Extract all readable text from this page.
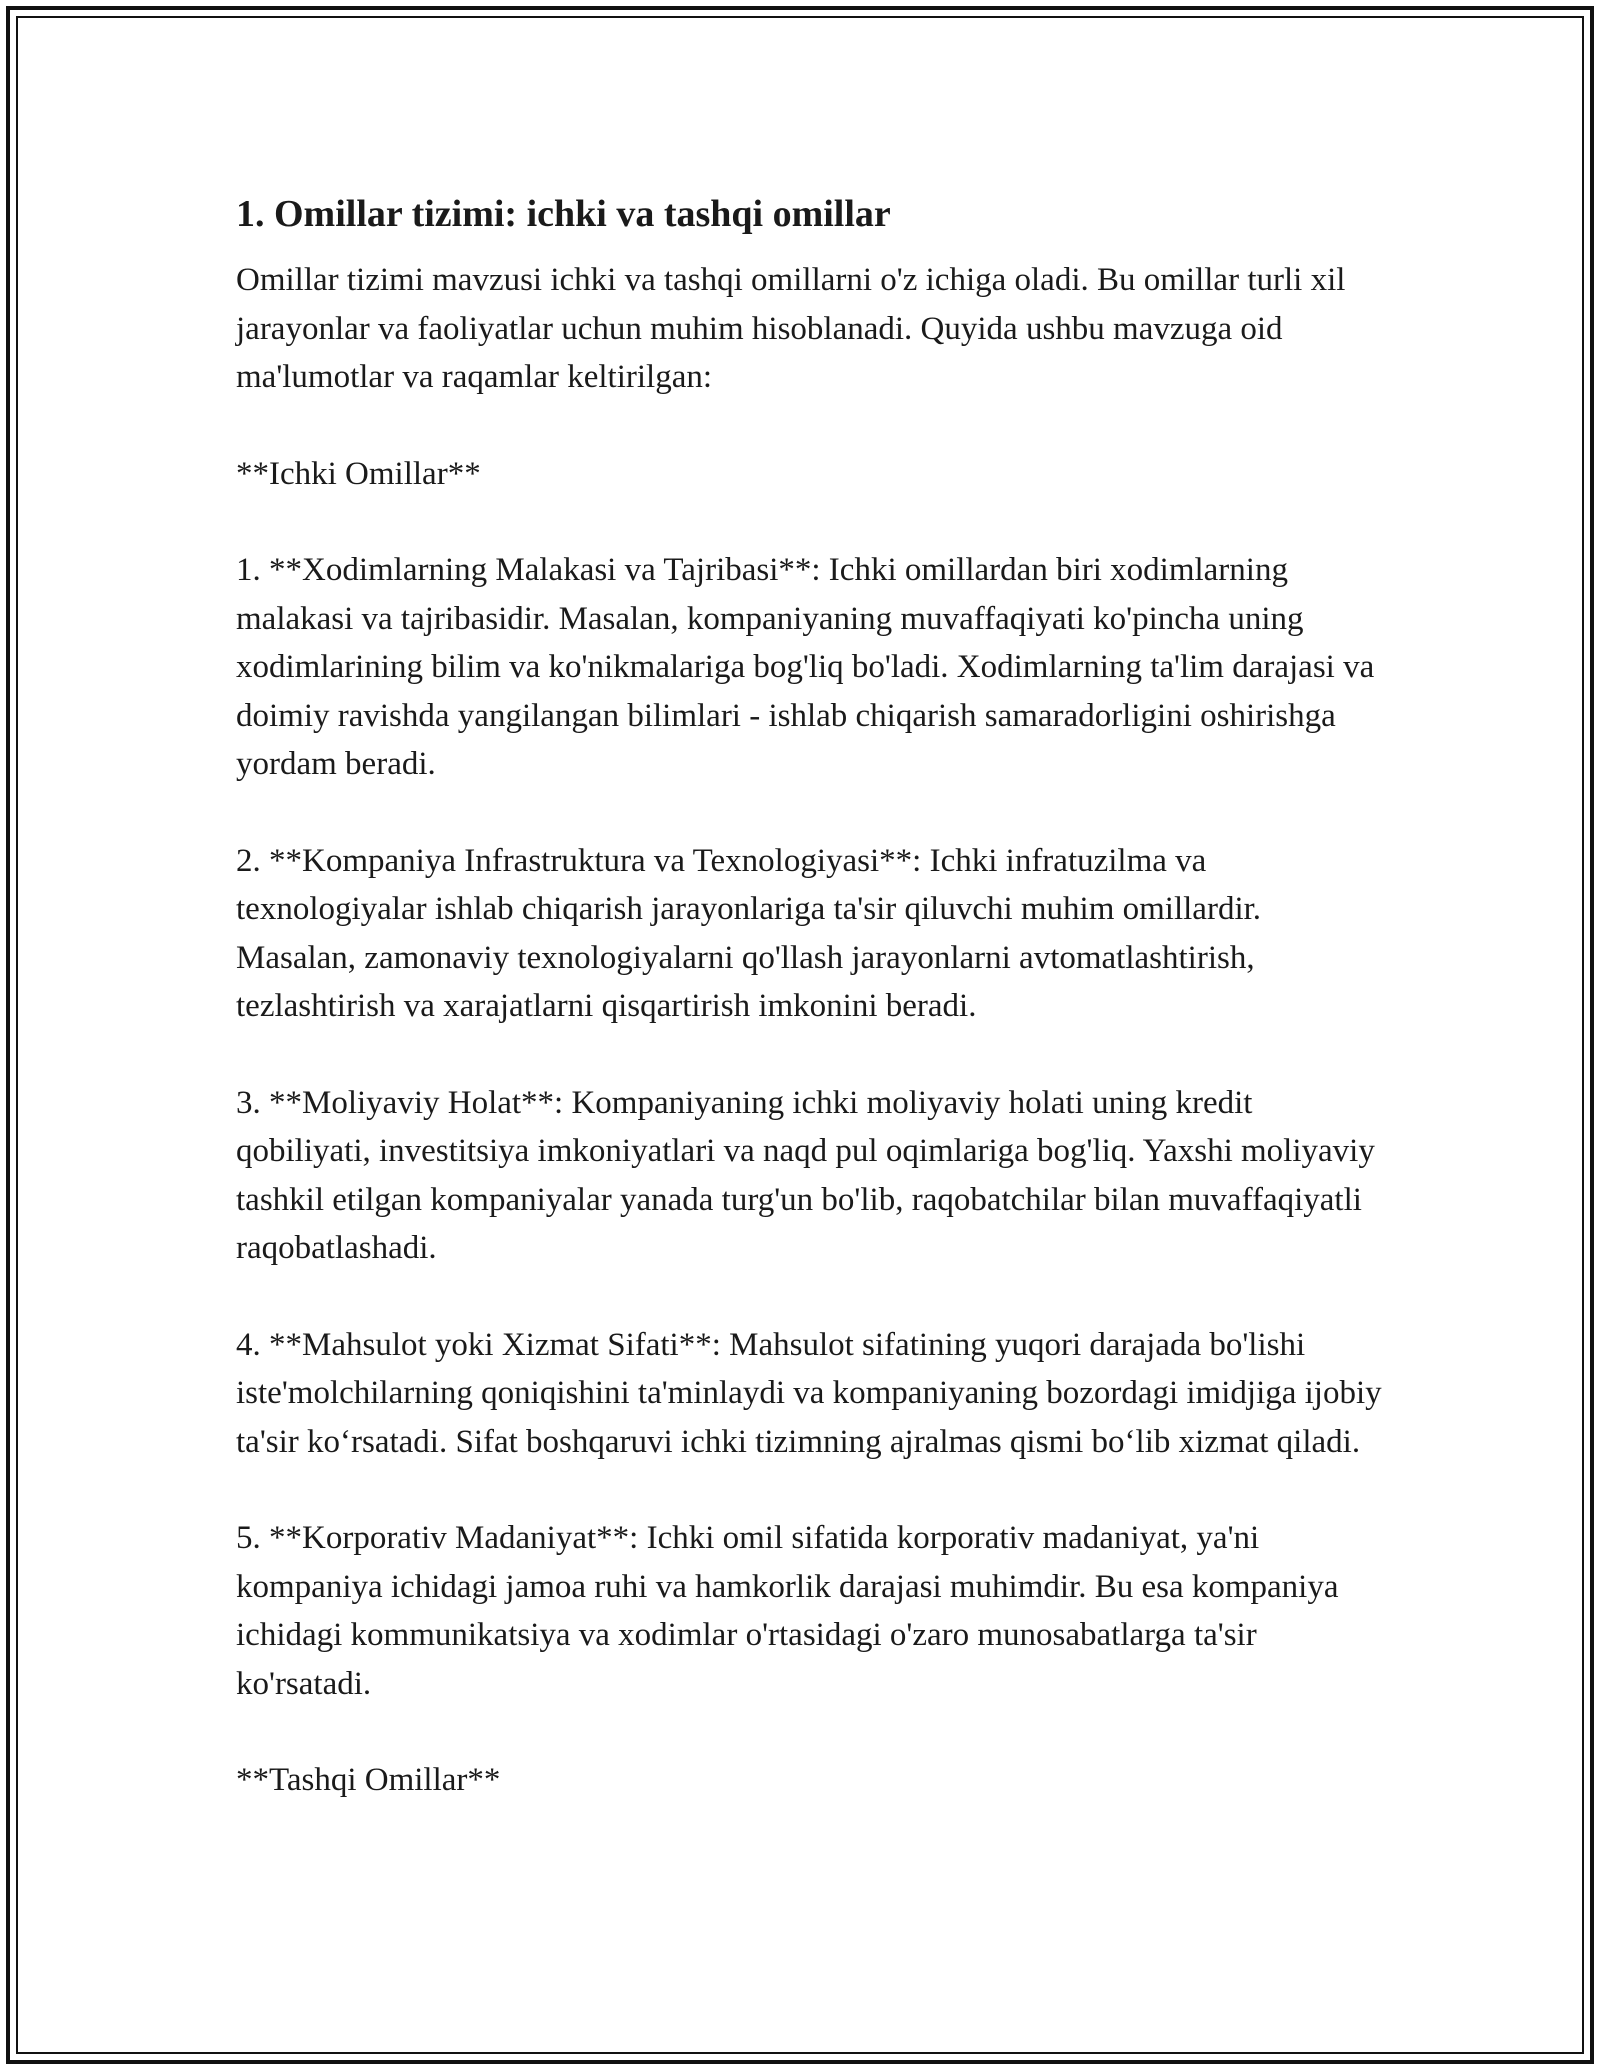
1. Omillar tizimi: ichki va tashqi omillar

Omillar tizimi mavzusi ichki va tashqi omillarni o'z ichiga oladi. Bu omillar turli xil jarayonlar va faoliyatlar uchun muhim hisoblanadi. Quyida ushbu mavzuga oid ma'lumotlar va raqamlar keltirilgan:

**Ichki Omillar**

1. **Xodimlarning Malakasi va Tajribasi**: Ichki omillardan biri xodimlarning malakasi va tajribasidir. Masalan, kompaniyaning muvaffaqiyati ko'pincha uning xodimlarining bilim va ko'nikmalariga bog'liq bo'ladi. Xodimlarning ta'lim darajasi va doimiy ravishda yangilangan bilimlari - ishlab chiqarish samaradorligini oshirishga yordam beradi.

2. **Kompaniya Infrastruktura va Texnologiyasi**: Ichki infratuzilma va texnologiyalar ishlab chiqarish jarayonlariga ta'sir qiluvchi muhim omillardir. Masalan, zamonaviy texnologiyalarni qo'llash jarayonlarni avtomatlashtirish, tezlashtirish va xarajatlarni qisqartirish imkonini beradi.

3. **Moliyaviy Holat**: Kompaniyaning ichki moliyaviy holati uning kredit qobiliyati, investitsiya imkoniyatlari va naqd pul oqimlariga bog'liq. Yaxshi moliyaviy tashkil etilgan kompaniyalar yanada turg'un bo'lib, raqobatchilar bilan muvaffaqiyatli raqobatlashadi.

4. **Mahsulot yoki Xizmat Sifati**: Mahsulot sifatining yuqori darajada bo'lishi iste'molchilarning qoniqishini ta'minlaydi va kompaniyaning bozordagi imidjiga ijobiy ta'sir ko‘rsatadi. Sifat boshqaruvi ichki tizimning ajralmas qismi bo‘lib xizmat qiladi.

5. **Korporativ Madaniyat**: Ichki omil sifatida korporativ madaniyat, ya'ni kompaniya ichidagi jamoa ruhi va hamkorlik darajasi muhimdir. Bu esa kompaniya ichidagi kommunikatsiya va xodimlar o'rtasidagi o'zaro munosabatlarga ta'sir ko'rsatadi.

**Tashqi Omillar**
